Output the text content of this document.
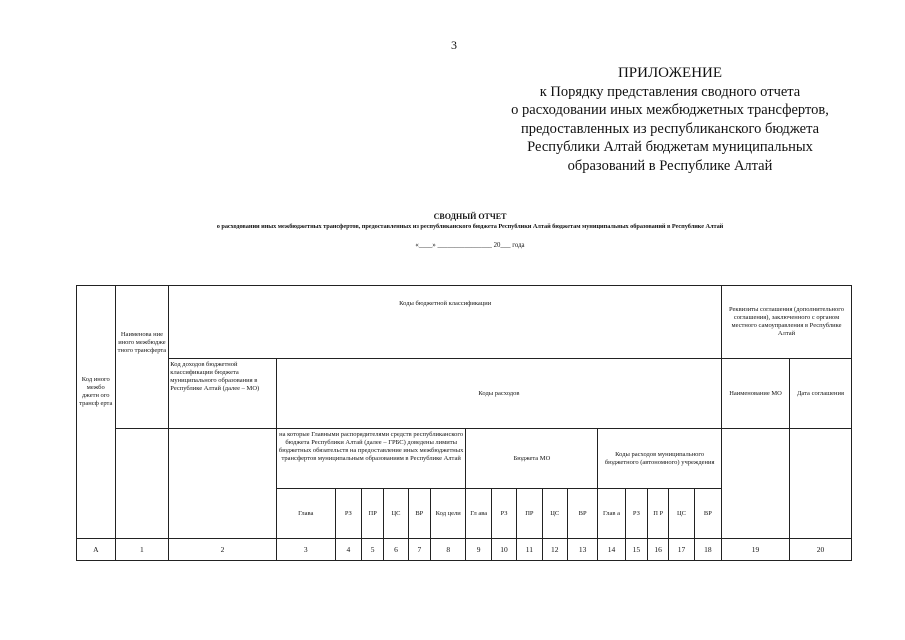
3
ПРИЛОЖЕНИЕ
к Порядку представления сводного отчета
о расходовании иных межбюджетных трансфертов,
предоставленных из республиканского бюджета
Республики Алтай бюджетам муниципальных
образований в Республике Алтай
СВОДНЫЙ ОТЧЕТ
о расходовании иных межбюджетных трансфертов, предоставленных из республиканского бюджета Республики Алтай бюджетам муниципальных образований в Республике Алтай
«____» ________________ 20___ года
Код иного межбо джетн ого трансф ерта	Наименова ние иного межбюдже тного трансферта	Коды бюджетной классификации																	Реквизиты соглашения (дополнительного соглашения), заключенного с органом местного самоуправления в Республике Алтай	
		Код доходов бюджетной классификации бюджета муниципального образования в Республике Алтай (далее – МО)	Коды расходов																Наименование МО	Дата соглашения
			на которые Главными распорядителями средств республиканского бюджета Республики Алтай (далее – ГРБС) доведены лимиты бюджетных обязательств на предоставление иных межбюджетных трансфертов муниципальным образованиям в Республике Алтай						Бюджета МО					Коды расходов муниципального бюджетного (автономного) учреждения						
			Глава	РЗ	ПР	ЦС	ВР	Код цели	Гл ава	РЗ	ПР	ЦС	ВР	Глав а	РЗ	П Р	ЦС	ВР		
А	1	2	3	4	5	6	7	8	9	10	11	12	13	14	15	16	17	18	19	20
